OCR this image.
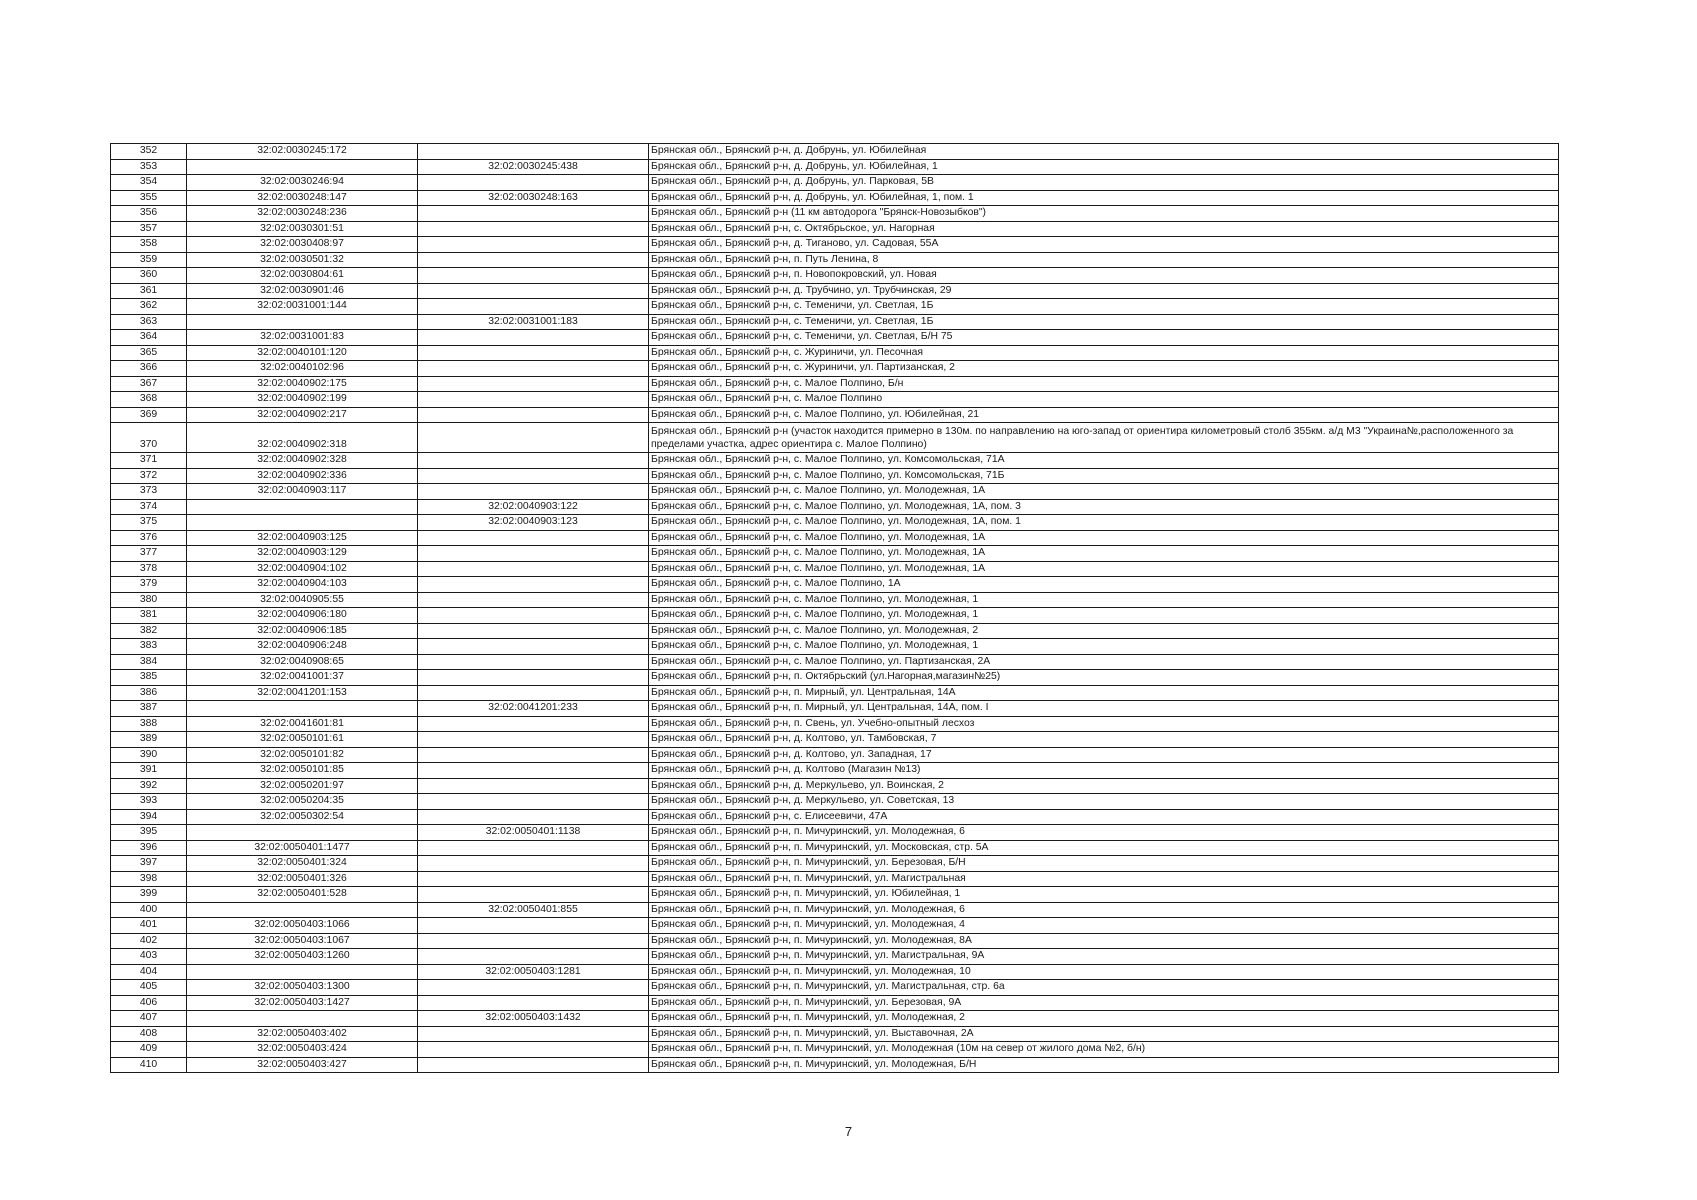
352	32:02:0030245:172		Брянская обл., Брянский р-н, д. Добрунь, ул. Юбилейная
353		32:02:0030245:438	Брянская обл., Брянский р-н, д. Добрунь, ул. Юбилейная, 1
354	32:02:0030246:94		Брянская обл., Брянский р-н, д. Добрунь, ул. Парковая, 5В
355	32:02:0030248:147	32:02:0030248:163	Брянская обл., Брянский р-н, д. Добрунь, ул. Юбилейная, 1, пом. 1
356	32:02:0030248:236		Брянская обл., Брянский р-н (11 км автодорога "Брянск-Новозыбков")
357	32:02:0030301:51		Брянская обл., Брянский р-н, с. Октябрьское, ул. Нагорная
358	32:02:0030408:97		Брянская обл., Брянский р-н, д. Тиганово, ул. Садовая, 55А
359	32:02:0030501:32		Брянская обл., Брянский р-н, п. Путь Ленина, 8
360	32:02:0030804:61		Брянская обл., Брянский р-н, п. Новопокровский, ул. Новая
361	32:02:0030901:46		Брянская обл., Брянский р-н, д. Трубчино, ул. Трубчинская, 29
362	32:02:0031001:144		Брянская обл., Брянский р-н, с. Теменичи, ул. Светлая, 1Б
363		32:02:0031001:183	Брянская обл., Брянский р-н, с. Теменичи, ул. Светлая, 1Б
364	32:02:0031001:83		Брянская обл., Брянский р-н, с. Теменичи, ул. Светлая, Б/Н 75
365	32:02:0040101:120		Брянская обл., Брянский р-н, с. Журиничи, ул. Песочная
366	32:02:0040102:96		Брянская обл., Брянский р-н, с. Журиничи, ул. Партизанская, 2
367	32:02:0040902:175		Брянская обл., Брянский р-н, с. Малое Полпино, Б/н
368	32:02:0040902:199		Брянская обл., Брянский р-н, с. Малое Полпино
369	32:02:0040902:217		Брянская обл., Брянский р-н, с. Малое Полпино, ул. Юбилейная, 21
370	32:02:0040902:318		Брянская обл., Брянский р-н (участок находится примерно в 130м. по направлению на юго-запад от ориентира километровый столб 355км. а/д М3 "Украина№,расположенного за пределами участка, адрес ориентира с. Малое Полпино)
371	32:02:0040902:328		Брянская обл., Брянский р-н, с. Малое Полпино, ул. Комсомольская, 71А
372	32:02:0040902:336		Брянская обл., Брянский р-н, с. Малое Полпино, ул. Комсомольская, 71Б
373	32:02:0040903:117		Брянская обл., Брянский р-н, с. Малое Полпино, ул. Молодежная, 1А
374		32:02:0040903:122	Брянская обл., Брянский р-н, с. Малое Полпино, ул. Молодежная, 1А, пом. 3
375		32:02:0040903:123	Брянская обл., Брянский р-н, с. Малое Полпино, ул. Молодежная, 1А, пом. 1
376	32:02:0040903:125		Брянская обл., Брянский р-н, с. Малое Полпино, ул. Молодежная, 1А
377	32:02:0040903:129		Брянская обл., Брянский р-н, с. Малое Полпино, ул. Молодежная, 1А
378	32:02:0040904:102		Брянская обл., Брянский р-н, с. Малое Полпино, ул. Молодежная, 1А
379	32:02:0040904:103		Брянская обл., Брянский р-н, с. Малое Полпино, 1А
380	32:02:0040905:55		Брянская обл., Брянский р-н, с. Малое Полпино, ул. Молодежная, 1
381	32:02:0040906:180		Брянская обл., Брянский р-н, с. Малое Полпино, ул. Молодежная, 1
382	32:02:0040906:185		Брянская обл., Брянский р-н, с. Малое Полпино, ул. Молодежная, 2
383	32:02:0040906:248		Брянская обл., Брянский р-н, с. Малое Полпино, ул. Молодежная, 1
384	32:02:0040908:65		Брянская обл., Брянский р-н, с. Малое Полпино, ул. Партизанская, 2А
385	32:02:0041001:37		Брянская обл., Брянский р-н, п. Октябрьский (ул.Нагорная,магазин№25)
386	32:02:0041201:153		Брянская обл., Брянский р-н, п. Мирный, ул. Центральная, 14А
387		32:02:0041201:233	Брянская обл., Брянский р-н, п. Мирный, ул. Центральная, 14А, пом. I
388	32:02:0041601:81		Брянская обл., Брянский р-н, п. Свень, ул. Учебно-опытный лесхоз
389	32:02:0050101:61		Брянская обл., Брянский р-н, д. Колтово, ул. Тамбовская, 7
390	32:02:0050101:82		Брянская обл., Брянский р-н, д. Колтово, ул. Западная, 17
391	32:02:0050101:85		Брянская обл., Брянский р-н, д. Колтово (Магазин №13)
392	32:02:0050201:97		Брянская обл., Брянский р-н, д. Меркульево, ул. Воинская, 2
393	32:02:0050204:35		Брянская обл., Брянский р-н, д. Меркульево, ул. Советская, 13
394	32:02:0050302:54		Брянская обл., Брянский р-н, с. Елисеевичи, 47А
395		32:02:0050401:1138	Брянская обл., Брянский р-н, п. Мичуринский, ул. Молодежная, 6
396	32:02:0050401:1477		Брянская обл., Брянский р-н, п. Мичуринский, ул. Московская, стр. 5А
397	32:02:0050401:324		Брянская обл., Брянский р-н, п. Мичуринский, ул. Березовая, Б/Н
398	32:02:0050401:326		Брянская обл., Брянский р-н, п. Мичуринский, ул. Магистральная
399	32:02:0050401:528		Брянская обл., Брянский р-н, п. Мичуринский, ул. Юбилейная, 1
400		32:02:0050401:855	Брянская обл., Брянский р-н, п. Мичуринский, ул. Молодежная, 6
401	32:02:0050403:1066		Брянская обл., Брянский р-н, п. Мичуринский, ул. Молодежная, 4
402	32:02:0050403:1067		Брянская обл., Брянский р-н, п. Мичуринский, ул. Молодежная, 8А
403	32:02:0050403:1260		Брянская обл., Брянский р-н, п. Мичуринский, ул. Магистральная, 9А
404		32:02:0050403:1281	Брянская обл., Брянский р-н, п. Мичуринский, ул. Молодежная, 10
405	32:02:0050403:1300		Брянская обл., Брянский р-н, п. Мичуринский, ул. Магистральная, стр. 6а
406	32:02:0050403:1427		Брянская обл., Брянский р-н, п. Мичуринский, ул. Березовая, 9А
407		32:02:0050403:1432	Брянская обл., Брянский р-н, п. Мичуринский, ул. Молодежная, 2
408	32:02:0050403:402		Брянская обл., Брянский р-н, п. Мичуринский, ул. Выставочная, 2А
409	32:02:0050403:424		Брянская обл., Брянский р-н, п. Мичуринский, ул. Молодежная (10м на север от жилого дома №2, б/н)
410	32:02:0050403:427		Брянская обл., Брянский р-н, п. Мичуринский, ул. Молодежная, Б/Н
7
